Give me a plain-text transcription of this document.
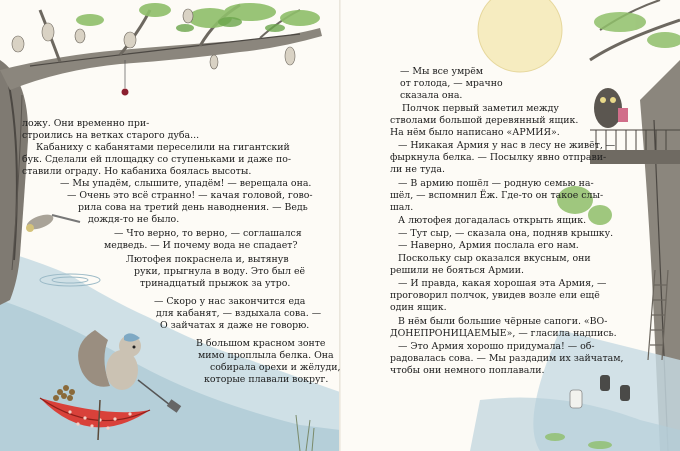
ложу. Они временно при-
строились на ветках старого дуба...
Кабаниху с кабанятами переселили на гигантский
бук. Сделали ей площадку со ступеньками и даже по-
ставили ограду. Но кабаниха боялась высоты.
— Мы упадём, слышите, упадём! — верещала она.
— Очень это всё странно! — качая головой, гово-
рила сова на третий день наводнения. — Ведь
дождя-то не было.
— Что верно, то верно, — соглашался
медведь. — И почему вода не спадает?
Лютофея покраснела и, вытянув
руки, прыгнула в воду. Это был её
тринадцатый прыжок за утро.
— Скоро у нас закончится еда
для кабанят, — вздыхала сова. —
О зайчатах я даже не говорю.
В большом красном зонте
мимо проплыла белка. Она
собирала орехи и жёлуди,
которые плавали вокруг.
— Мы все умрём
от голода, — мрачно
сказала она.
Полчок первый заметил между
стволами большой деревянный ящик.
На нём было написано «АРМИЯ».
— Никакая Армия у нас в лесу не живёт, —
фыркнула белка. — Посылку явно отправи-
ли не туда.
— В армию пошёл — родную семью на-
шёл, — вспомнил Ёж. Где-то он такое слы-
шал.
А лютофея догадалась открыть ящик.
— Тут сыр, — сказала она, подняв крышку.
— Наверно, Армия послала его нам.
Поскольку сыр оказался вкусным, они
решили не бояться Армии.
— И правда, какая хорошая эта Армия, —
проговорил полчок, увидев возле ели ещё
один ящик.
В нём были большие чёрные сапоги. «ВО-
ДОНЕПРОНИЦАЕМЫЕ», — гласила надпись.
— Это Армия хорошо придумала! — об-
радовалась сова. — Мы раздадим их зайчатам,
чтобы они немного поплавали.
